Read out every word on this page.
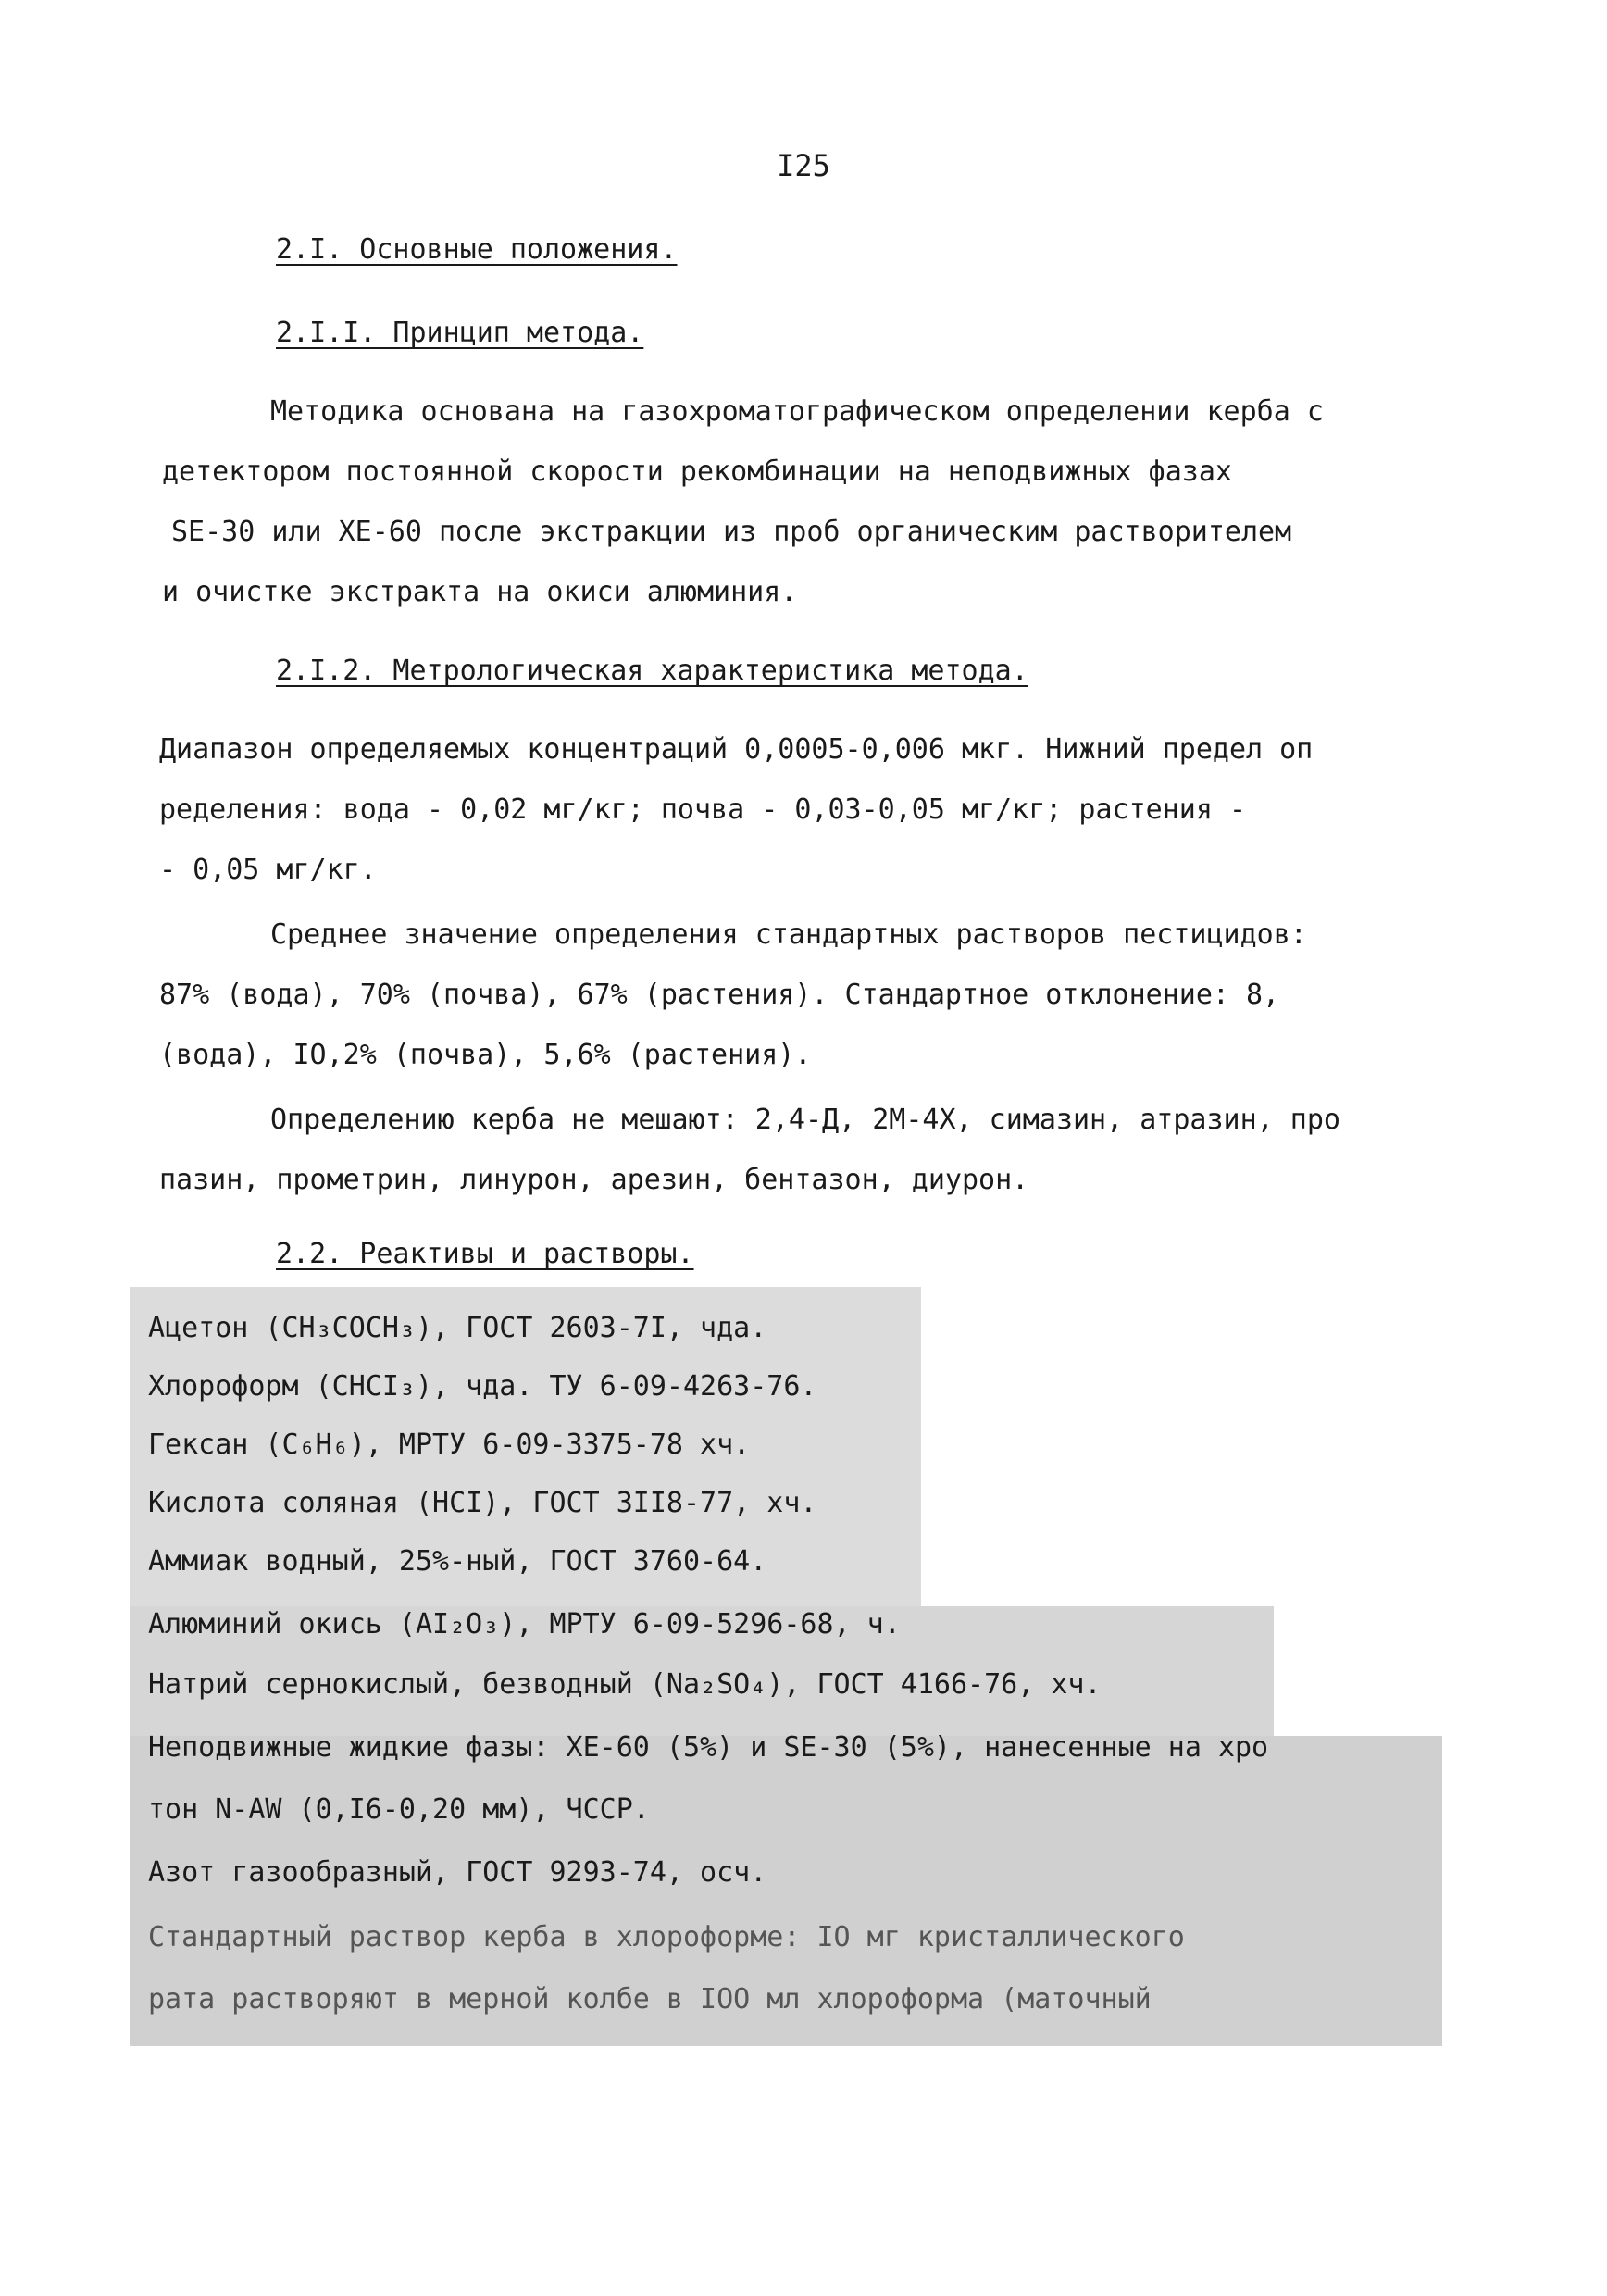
I25
2.I. Основные положения.
2.I.I. Принцип метода.
Методика основана на газохроматографическом определении керба с
детектором постоянной скорости рекомбинации на неподвижных фазах
SE-30 или ХЕ-60 после экстракции из проб органическим растворителем
и очистке экстракта на окиси алюминия.
2.I.2. Метрологическая характеристика метода.
Диапазон определяемых концентраций 0,0005-0,006 мкг. Нижний предел оп
ределения: вода - 0,02 мг/кг; почва - 0,03-0,05 мг/кг; растения -
- 0,05 мг/кг.
Среднее значение определения стандартных растворов пестицидов:
87% (вода), 70% (почва), 67% (растения). Стандартное отклонение: 8,
(вода), IO,2% (почва), 5,6% (растения).
Определению керба не мешают: 2,4-Д, 2М-4Х, симазин, атразин, про
пазин, прометрин, линурон, арезин, бентазон, диурон.
2.2. Реактивы и растворы.
Ацетон (CH₃COCH₃), ГОСТ 2603-7I, чда.
Хлороформ (CHCI₃), чда. ТУ 6-09-4263-76.
Гексан (C₆H₆), МРТУ 6-09-3375-78 хч.
Кислота соляная (HCI), ГОСТ 3II8-77, хч.
Аммиак водный, 25%-ный, ГОСТ 3760-64.
Алюминий окись (AI₂O₃), МРТУ 6-09-5296-68, ч.
Натрий сернокислый, безводный (Na₂SO₄), ГОСТ 4166-76, хч.
Неподвижные жидкие фазы: ХЕ-60 (5%) и SE-30 (5%), нанесенные на хро
тон N-AW (0,I6-0,20 мм), ЧССР.
Азот газообразный, ГОСТ 9293-74, осч.
Стандартный раствор керба в хлороформе: IO мг кристаллического
рата растворяют в мерной колбе в IOO мл хлороформа (маточный
